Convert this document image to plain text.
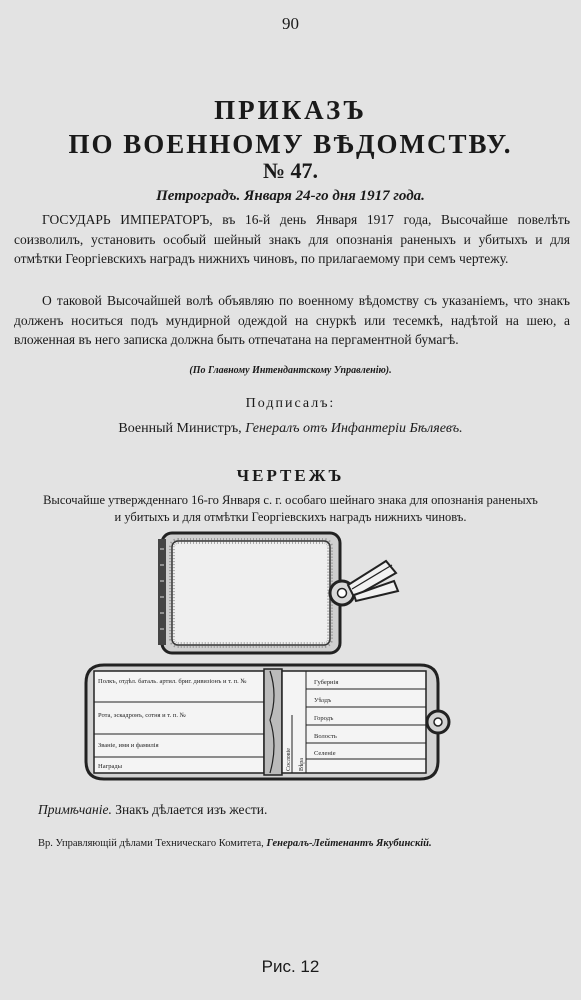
90
ПРИКАЗЪ
ПО ВОЕННОМУ ВѢДОМСТВУ.
№ 47.
Петроградъ. Января 24-го дня 1917 года.
ГОСУДАРЬ ИМПЕРАТОРЪ, въ 16-й день Января 1917 года, Высочайше повелѣть соизволилъ, установить особый шейный знакъ для опознанія раненыхъ и убитыхъ и для отмѣтки Георгіевскихъ наградъ нижнихъ чиновъ, по прилагаемому при семъ чертежу.
О таковой Высочайшей волѣ объявляю по военному вѣдомству съ указаніемъ, что знакъ долженъ носиться подъ мундирной одеждой на снуркѣ или тесемкѣ, надѣтой на шею, а вложенная въ него записка должна быть отпечатана на пергаментной бумагѣ.
(По Главному Интендантскому Управленію).
Подписалъ:
Военный Министръ, Генералъ отъ Инфантеріи Бѣляевъ.
ЧЕРТЕЖЪ
Высочайше утвержденнаго 16-го Января с. г. особаго шейнаго знака для опознанія раненыхъ и убитыхъ и для отмѣтки Георгіевскихъ наградъ нижнихъ чиновъ.
Полкъ, отдѣл. баталь. артил. бриг. дивизіонъ и т. п. №
Рота, эскадронъ, сотня и т. п. №
Званіе, имя и фамилія
Награды
Губернія
Уѣздъ
Городъ
Волость
Селеніе
Вѣра
Сословіе
Примѣчаніе. Знакъ дѣлается изъ жести.
Вр. Управляющій дѣлами Техническаго Комитета, Генералъ-Лейтенантъ Якубинскій.
Рис. 12
